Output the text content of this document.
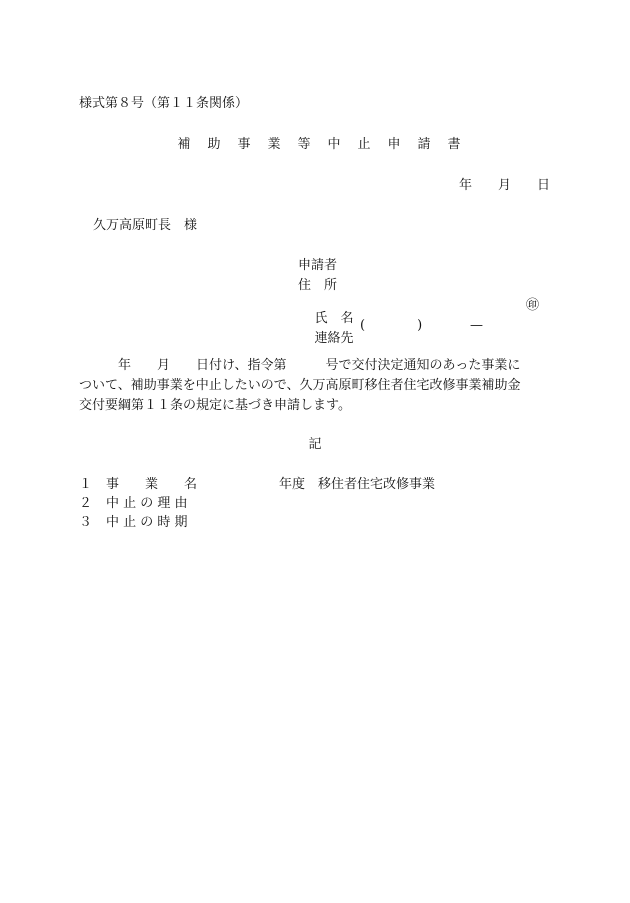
様式第８号（第１１条関係）
補　助　事　業　等　中　止　申　請　書
年　　月　　日
久万高原町長　様
申請者
住　所

氏　名

㊞

連絡先

(　　　　)

	—

　　　年　　月　　日付け、指令第　　　号で交付決定通知のあった事業に
ついて、補助事業を中止したいので、久万高原町移住者住宅改修事業補助金
交付要綱第１１条の規定に基づき申請します。
記

１

事　　業　　名

	年度　移住者住宅改修事業

２

中 止 の 理 由

３

中 止 の 時 期
